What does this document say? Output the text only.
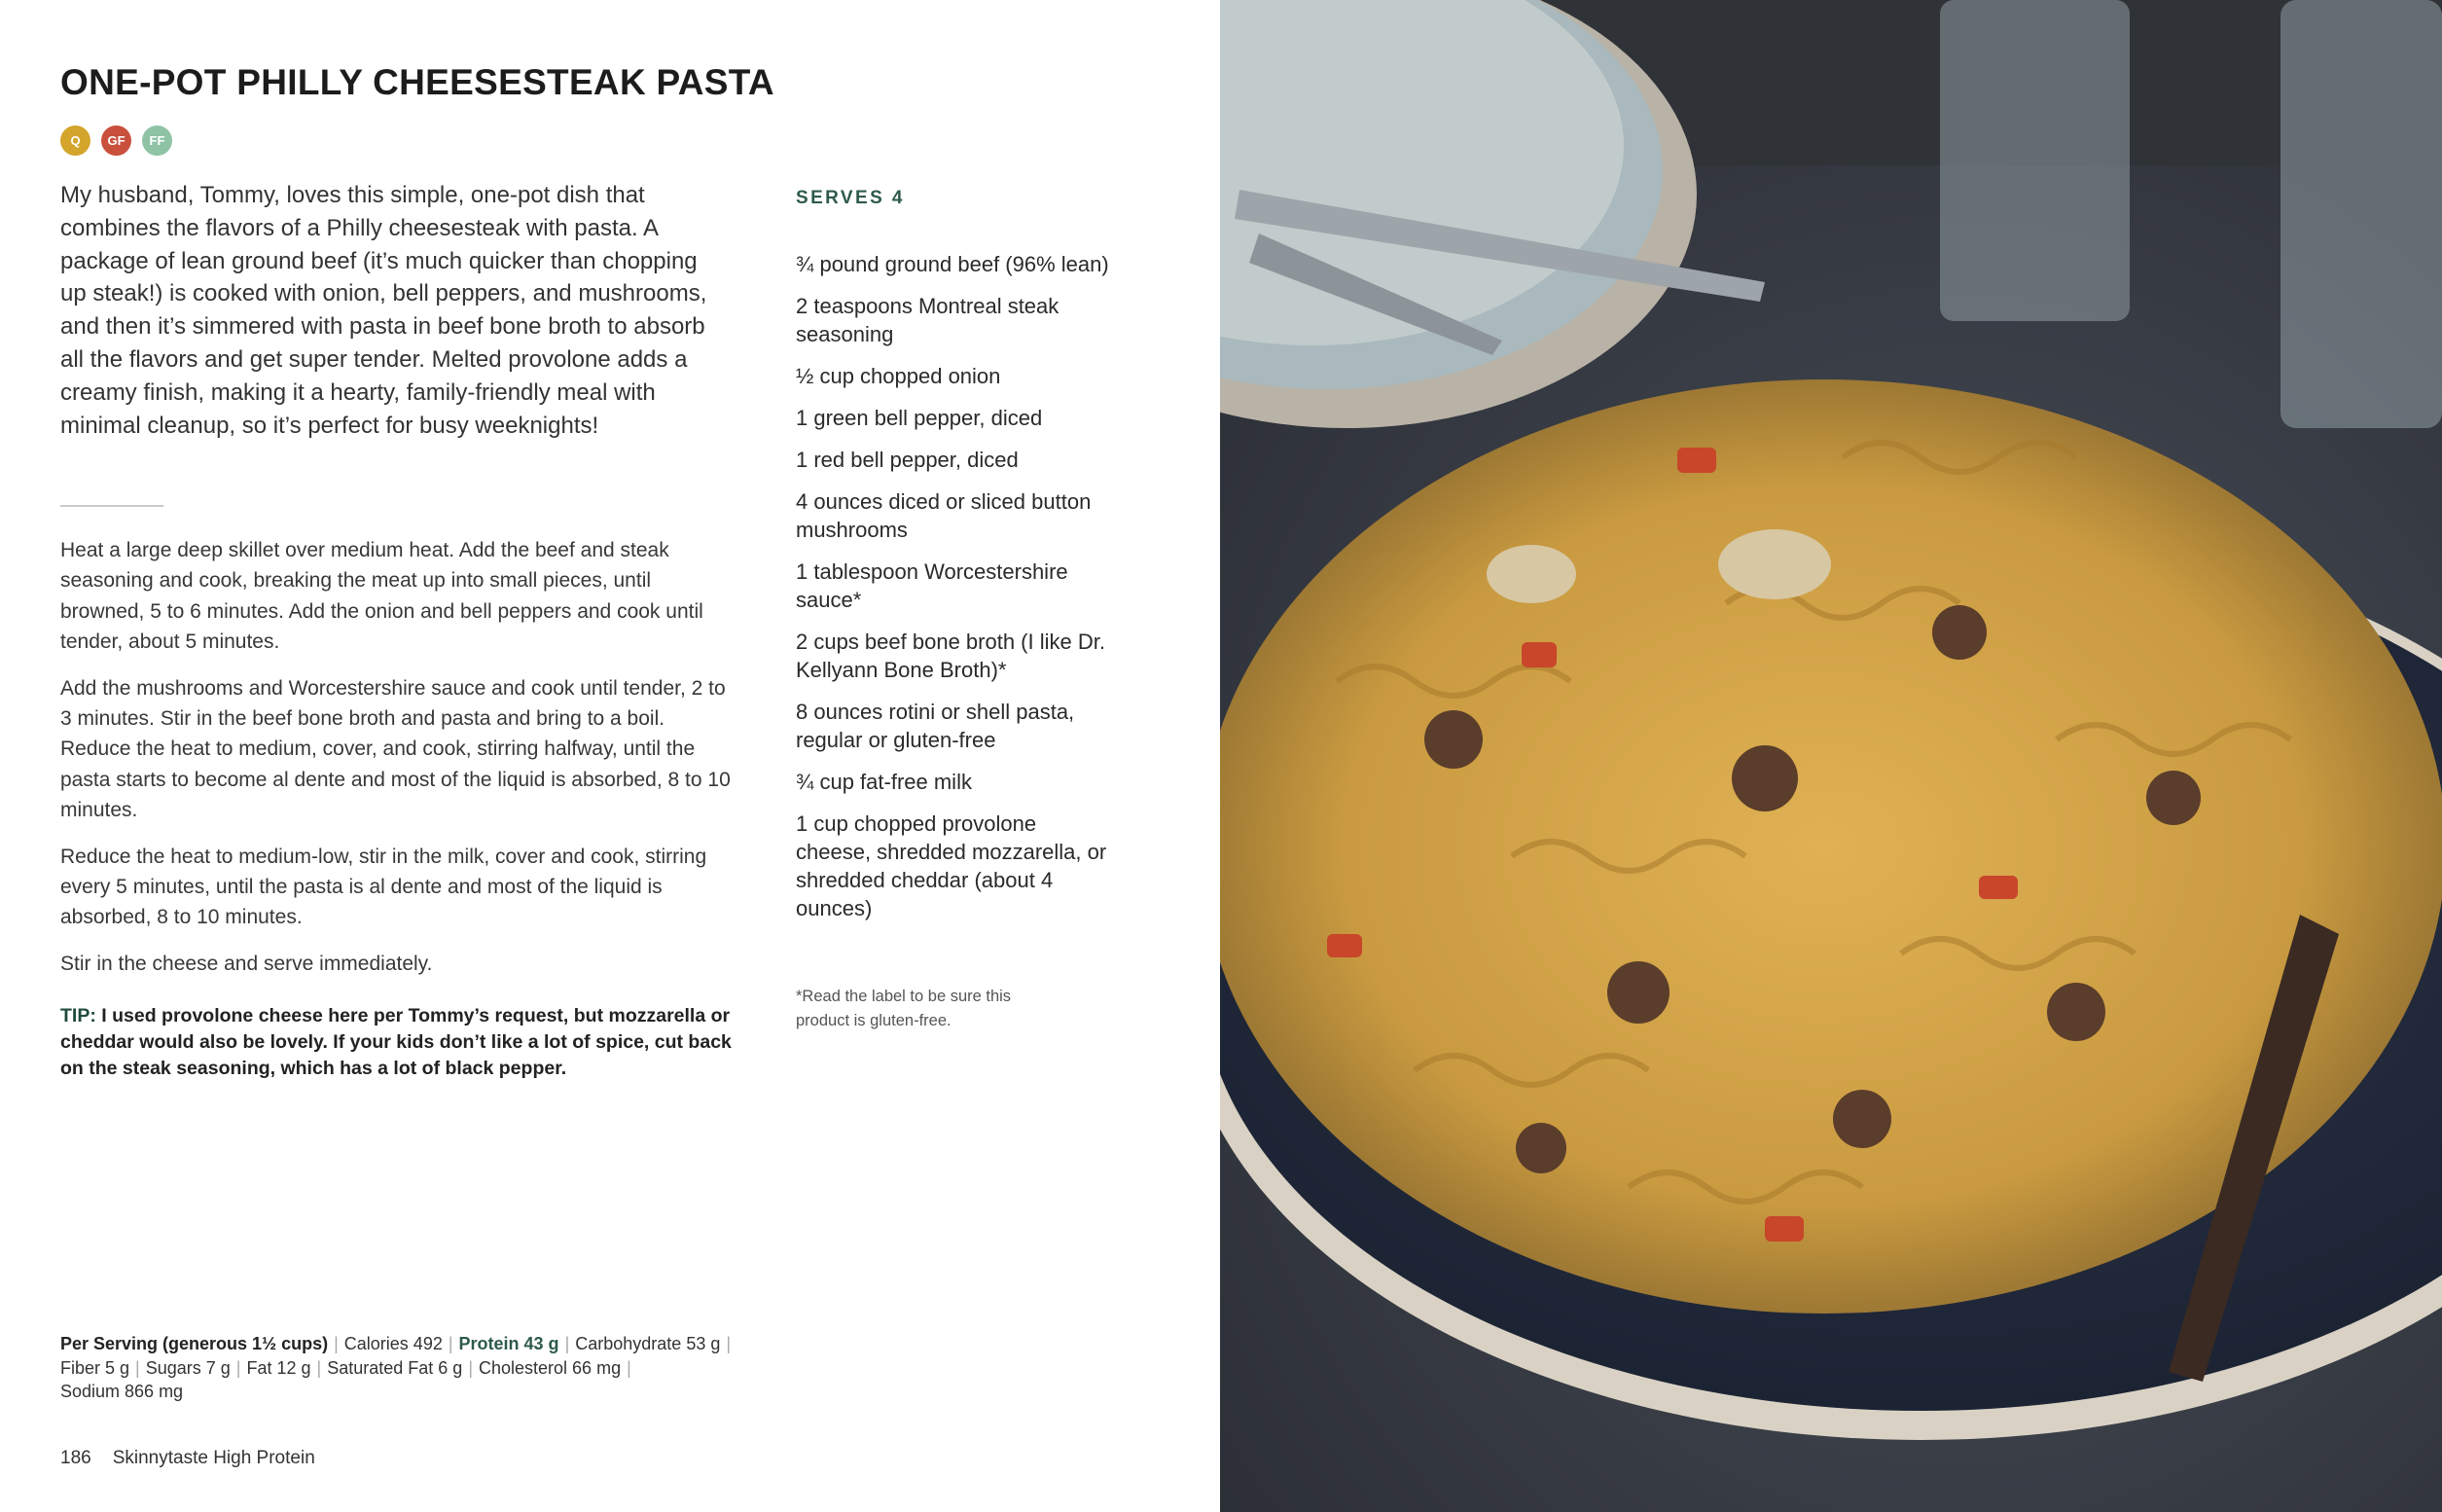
ONE-POT PHILLY CHEESESTEAK PASTA
Q	GF	FF

My husband, Tommy, loves this simple, one-pot dish that combines the flavors of a Philly cheesesteak with pasta. A package of lean ground beef (it’s much quicker than chopping up steak!) is cooked with onion, bell peppers, and mushrooms, and then it’s simmered with pasta in beef bone broth to absorb all the flavors and get super tender. Melted provolone adds a creamy finish, making it a hearty, family-friendly meal with minimal cleanup, so it’s perfect for busy weeknights!

Heat a large deep skillet over medium heat. Add the beef and steak seasoning and cook, breaking the meat up into small pieces, until browned, 5 to 6 minutes. Add the onion and bell peppers and cook until tender, about 5 minutes.

Add the mushrooms and Worcestershire sauce and cook until tender, 2 to 3 minutes. Stir in the beef bone broth and pasta and bring to a boil. Reduce the heat to medium, cover, and cook, stirring halfway, until the pasta starts to become al dente and most of the liquid is absorbed, 8 to 10 minutes.

Reduce the heat to medium-low, stir in the milk, cover and cook, stirring every 5 minutes, until the pasta is al dente and most of the liquid is absorbed, 8 to 10 minutes.

Stir in the cheese and serve immediately.

TIP: I used provolone cheese here per Tommy’s request, but mozzarella or cheddar would also be lovely. If your kids don’t like a lot of spice, cut back on the steak seasoning, which has a lot of black pepper.

SERVES 4
¾ pound ground beef (96% lean)
2 teaspoons Montreal steak seasoning
½ cup chopped onion
1 green bell pepper, diced
1 red bell pepper, diced
4 ounces diced or sliced button mushrooms
1 tablespoon Worcestershire sauce*
2 cups beef bone broth (I like Dr. Kellyann Bone Broth)*
8 ounces rotini or shell pasta, regular or gluten-free
¾ cup fat-free milk
1 cup chopped provolone cheese, shredded mozzarella, or shredded cheddar (about 4 ounces)

*Read the label to be sure this product is gluten-free.

Per Serving (generous 1½ cups) | Calories 492 | Protein 43 g | Carbohydrate 53 g |
Fiber 5 g | Sugars 7 g | Fat 12 g | Saturated Fat 6 g | Cholesterol 66 mg |
Sodium 866 mg

186 Skinnytaste High Protein
